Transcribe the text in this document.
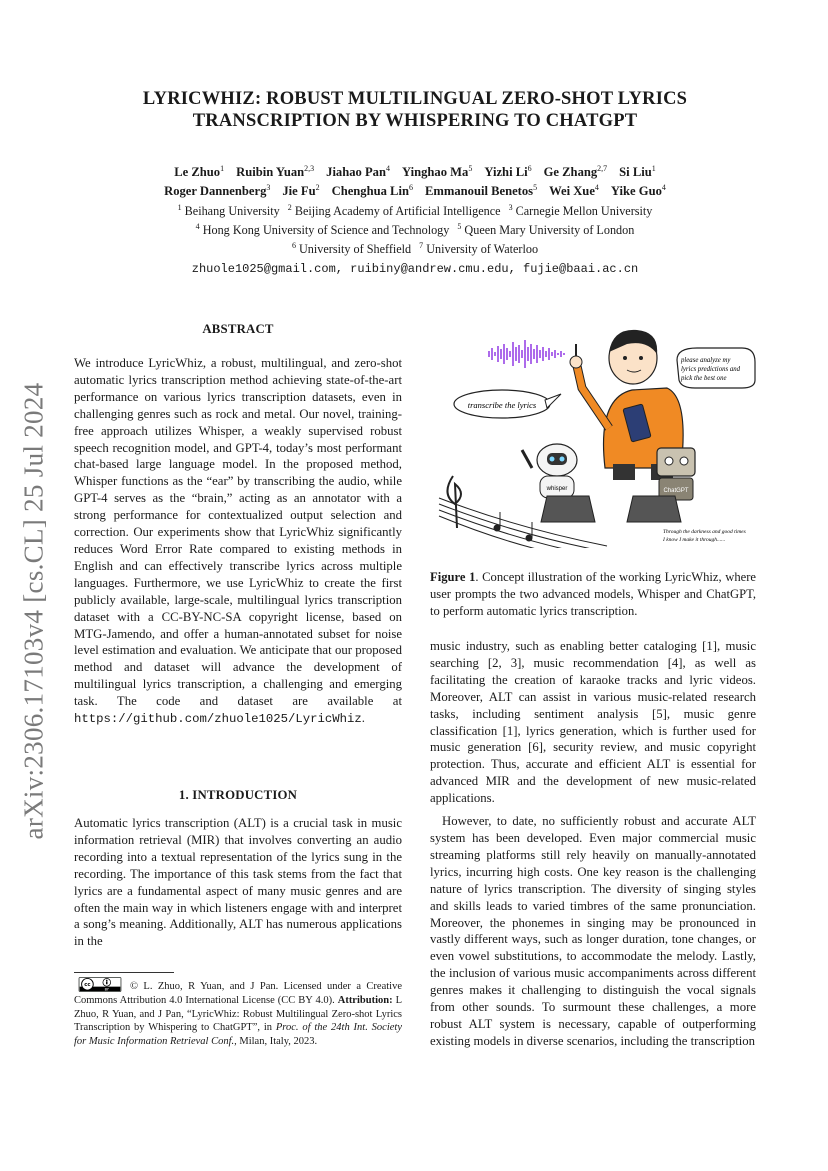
arXiv:2306.17103v4 [cs.CL] 25 Jul 2024
LYRICWHIZ: ROBUST MULTILINGUAL ZERO-SHOT LYRICS
TRANSCRIPTION BY WHISPERING TO CHATGPT
Le Zhuo$^1$ Ruibin Yuan$^{2,3}$ Jiahao Pan$^4$ Yinghao Ma$^5$ Yizhi Li$^6$ Ge Zhang$^{2,7}$ Si Liu$^1$
Roger Dannenberg$^3$ Jie Fu$^2$ Chenghua Lin$^6$ Emmanouil Benetos$^5$ Wei Xue$^4$ Yike Guo$^4$
$^1$ Beihang University $^2$ Beijing Academy of Artificial Intelligence $^3$ Carnegie Mellon University
$^4$ Hong Kong University of Science and Technology $^5$ Queen Mary University of London
$^6$ University of Sheffield $^7$ University of Waterloo
zhuole1025@gmail.com, ruibiny@andrew.cmu.edu, fujie@baai.ac.cn
ABSTRACT

We introduce LyricWhiz, a robust, multilingual, and zero-shot automatic lyrics transcription method achieving state-of-the-art performance on various lyrics transcription datasets, even in challenging genres such as rock and metal. Our novel, training-free approach utilizes Whisper, a weakly supervised robust speech recognition model, and GPT-4, today’s most performant chat-based large language model. In the proposed method, Whisper functions as the “ear” by transcribing the audio, while GPT-4 serves as the “brain,” acting as an annotator with a strong performance for contextualized output selection and correction. Our experiments show that LyricWhiz significantly reduces Word Error Rate compared to existing methods in English and can effectively transcribe lyrics across multiple languages. Furthermore, we use LyricWhiz to create the first publicly available, large-scale, multilingual lyrics transcription dataset with a CC-BY-NC-SA copyright license, based on MTG-Jamendo, and offer a human-annotated subset for noise level estimation and evaluation. We anticipate that our proposed method and dataset will advance the development of multilingual lyrics transcription, a challenging and emerging task. The code and dataset are available at https://github.com/zhuole1025/LyricWhiz.

1. INTRODUCTION

Automatic lyrics transcription (ALT) is a crucial task in music information retrieval (MIR) that involves converting an audio recording into a textual representation of the lyrics sung in the recording. The importance of this task stems from the fact that lyrics are a fundamental aspect of many music genres and are often the main way in which listeners engage with and interpret a song’s meaning. Additionally, ALT has numerous applications in the

cc
BY © L. Zhuo, R Yuan, and J Pan. Licensed under a Creative Commons Attribution 4.0 International License (CC BY 4.0). Attribution: L Zhuo, R Yuan, and J Pan, “LyricWhiz: Robust Multilingual Zero-shot Lyrics Transcription by Whispering to ChatGPT”, in Proc. of the 24th Int. Society for Music Information Retrieval Conf., Milan, Italy, 2023.
transcribe the lyrics
please analyze my
lyrics predictions and
pick the best one
whisper	ChatGPT
Through the darkness and good times
I know I make it through......
Figure 1. Concept illustration of the working LyricWhiz, where user prompts the two advanced models, Whisper and ChatGPT, to perform automatic lyrics transcription.

music industry, such as enabling better cataloging [1], music searching [2, 3], music recommendation [4], as well as facilitating the creation of karaoke tracks and lyric videos. Moreover, ALT can assist in various music-related research tasks, including sentiment analysis [5], music genre classification [1], lyrics generation, which is further used for music generation [6], security review, and music copyright protection. Thus, accurate and efficient ALT is essential for advanced MIR and the development of new music-related applications.

However, to date, no sufficiently robust and accurate ALT system has been developed. Even major commercial music streaming platforms still rely heavily on manually-annotated lyrics, incurring high costs. One key reason is the challenging nature of lyrics transcription. The diversity of singing styles and skills leads to varied timbres of the same pronunciation. Moreover, the phonemes in singing may be pronounced in vastly different ways, such as longer duration, tone changes, or even vowel substitutions, to accommodate the melody. Lastly, the inclusion of various music accompaniments across different genres makes it challenging to distinguish the vocal signals from other sounds. To surmount these challenges, a more robust ALT system is necessary, capable of outperforming existing models in diverse scenarios, including the transcription
